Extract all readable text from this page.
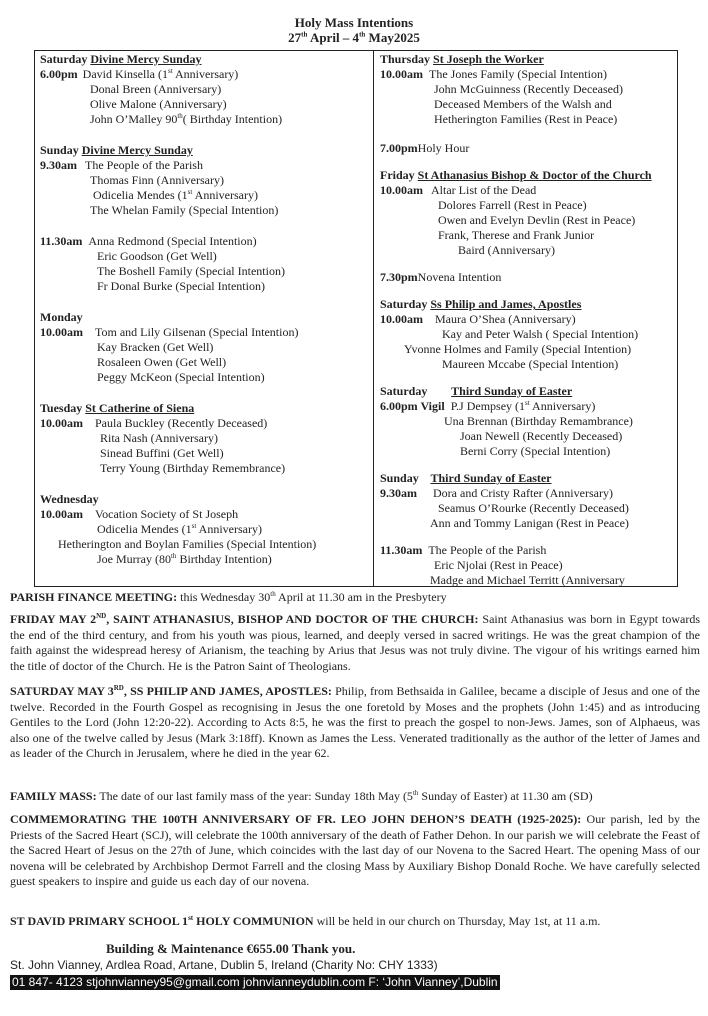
Holy Mass Intentions
27th April – 4th May2025
Saturday Divine Mercy Sunday
6.00pm David Kinsella (1st Anniversary)
Donal Breen (Anniversary)
Olive Malone (Anniversary)
John O’Malley 90th( Birthday Intention)
Sunday Divine Mercy Sunday
9.30am The People of the Parish
Thomas Finn (Anniversary)
Odicelia Mendes (1st Anniversary)
The Whelan Family (Special Intention)
11.30am Anna Redmond (Special Intention)
Eric Goodson (Get Well)
The Boshell Family (Special Intention)
Fr Donal Burke (Special Intention)
Monday
10.00am Tom and Lily Gilsenan (Special Intention)
Kay Bracken (Get Well)
Rosaleen Owen (Get Well)
Peggy McKeon (Special Intention)
Tuesday St Catherine of Siena
10.00am Paula Buckley (Recently Deceased)
Rita Nash (Anniversary)
Sinead Buffini (Get Well)
Terry Young (Birthday Remembrance)
Wednesday
10.00am Vocation Society of St Joseph
Odicelia Mendes (1st Anniversary)
Hetherington and Boylan Families (Special Intention)
Joe Murray (80th Birthday Intention)
Thursday St Joseph the Worker
10.00am The Jones Family (Special Intention)
John McGuinness (Recently Deceased)
Deceased Members of the Walsh and
Hetherington Families (Rest in Peace)
7.00pm Holy Hour
Friday St Athanasius Bishop & Doctor of the Church
10.00am Altar List of the Dead
Dolores Farrell (Rest in Peace)
Owen and Evelyn Devlin (Rest in Peace)
Frank, Therese and Frank Junior
Baird (Anniversary)
7.30pm Novena Intention
Saturday Ss Philip and James, Apostles
10.00am Maura O’Shea (Anniversary)
Kay and Peter Walsh ( Special Intention)
Yvonne Holmes and Family (Special Intention)
Maureen Mccabe (Special Intention)
Saturday        Third Sunday of Easter
6.00pm Vigil P.J Dempsey (1st Anniversary)
Una Brennan (Birthday Remambrance)
Joan Newell (Recently Deceased)
Berni Corry (Special Intention)
Sunday    Third Sunday of Easter
9.30am Dora and Cristy Rafter (Anniversary)
Seamus O’Rourke (Recently Deceased)
Ann and Tommy Lanigan (Rest in Peace)
11.30am The People of the Parish
Eric Njolai (Rest in Peace)
Madge and Michael Territt (Anniversary
PARISH FINANCE MEETING: this Wednesday 30th April at 11.30 am in the Presbytery
FRIDAY MAY 2ND, SAINT ATHANASIUS, BISHOP AND DOCTOR OF THE CHURCH: Saint Athanasius was born in Egypt towards the end of the third century, and from his youth was pious, learned, and deeply versed in sacred writings. He was the great champion of the faith against the widespread heresy of Arianism, the teaching by Arius that Jesus was not truly divine. The vigour of his writings earned him the title of doctor of the Church. He is the Patron Saint of Theologians.
SATURDAY MAY 3RD, SS PHILIP AND JAMES, APOSTLES: Philip, from Bethsaida in Galilee, became a disciple of Jesus and one of the twelve. Recorded in the Fourth Gospel as recognising in Jesus the one foretold by Moses and the prophets (John 1:45) and as introducing Gentiles to the Lord (John 12:20-22). According to Acts 8:5, he was the first to preach the gospel to non-Jews. James, son of Alphaeus, was also one of the twelve called by Jesus (Mark 3:18ff). Known as James the Less. Venerated traditionally as the author of the letter of James and as leader of the Church in Jerusalem, where he died in the year 62.
FAMILY MASS: The date of our last family mass of the year: Sunday 18th May (5th Sunday of Easter) at 11.30 am (SD)
COMMEMORATING THE 100TH ANNIVERSARY OF FR. LEO JOHN DEHON’S DEATH (1925-2025): Our parish, led by the Priests of the Sacred Heart (SCJ), will celebrate the 100th anniversary of the death of Father Dehon. In our parish we will celebrate the Feast of the Sacred Heart of Jesus on the 27th of June, which coincides with the last day of our Novena to the Sacred Heart. The opening Mass of our novena will be celebrated by Archbishop Dermot Farrell and the closing Mass by Auxiliary Bishop Donald Roche. We have carefully selected guest speakers to inspire and guide us each day of our novena.
ST DAVID PRIMARY SCHOOL 1st HOLY COMMUNION will be held in our church on Thursday, May 1st, at 11 a.m.
Building & Maintenance €655.00 Thank you.
St. John Vianney, Ardlea Road, Artane, Dublin 5, Ireland (Charity No: CHY 1333)
01 847- 4123 stjohnvianney95@gmail.com johnvianneydublin.com F: ‘John Vianney’,Dublin
